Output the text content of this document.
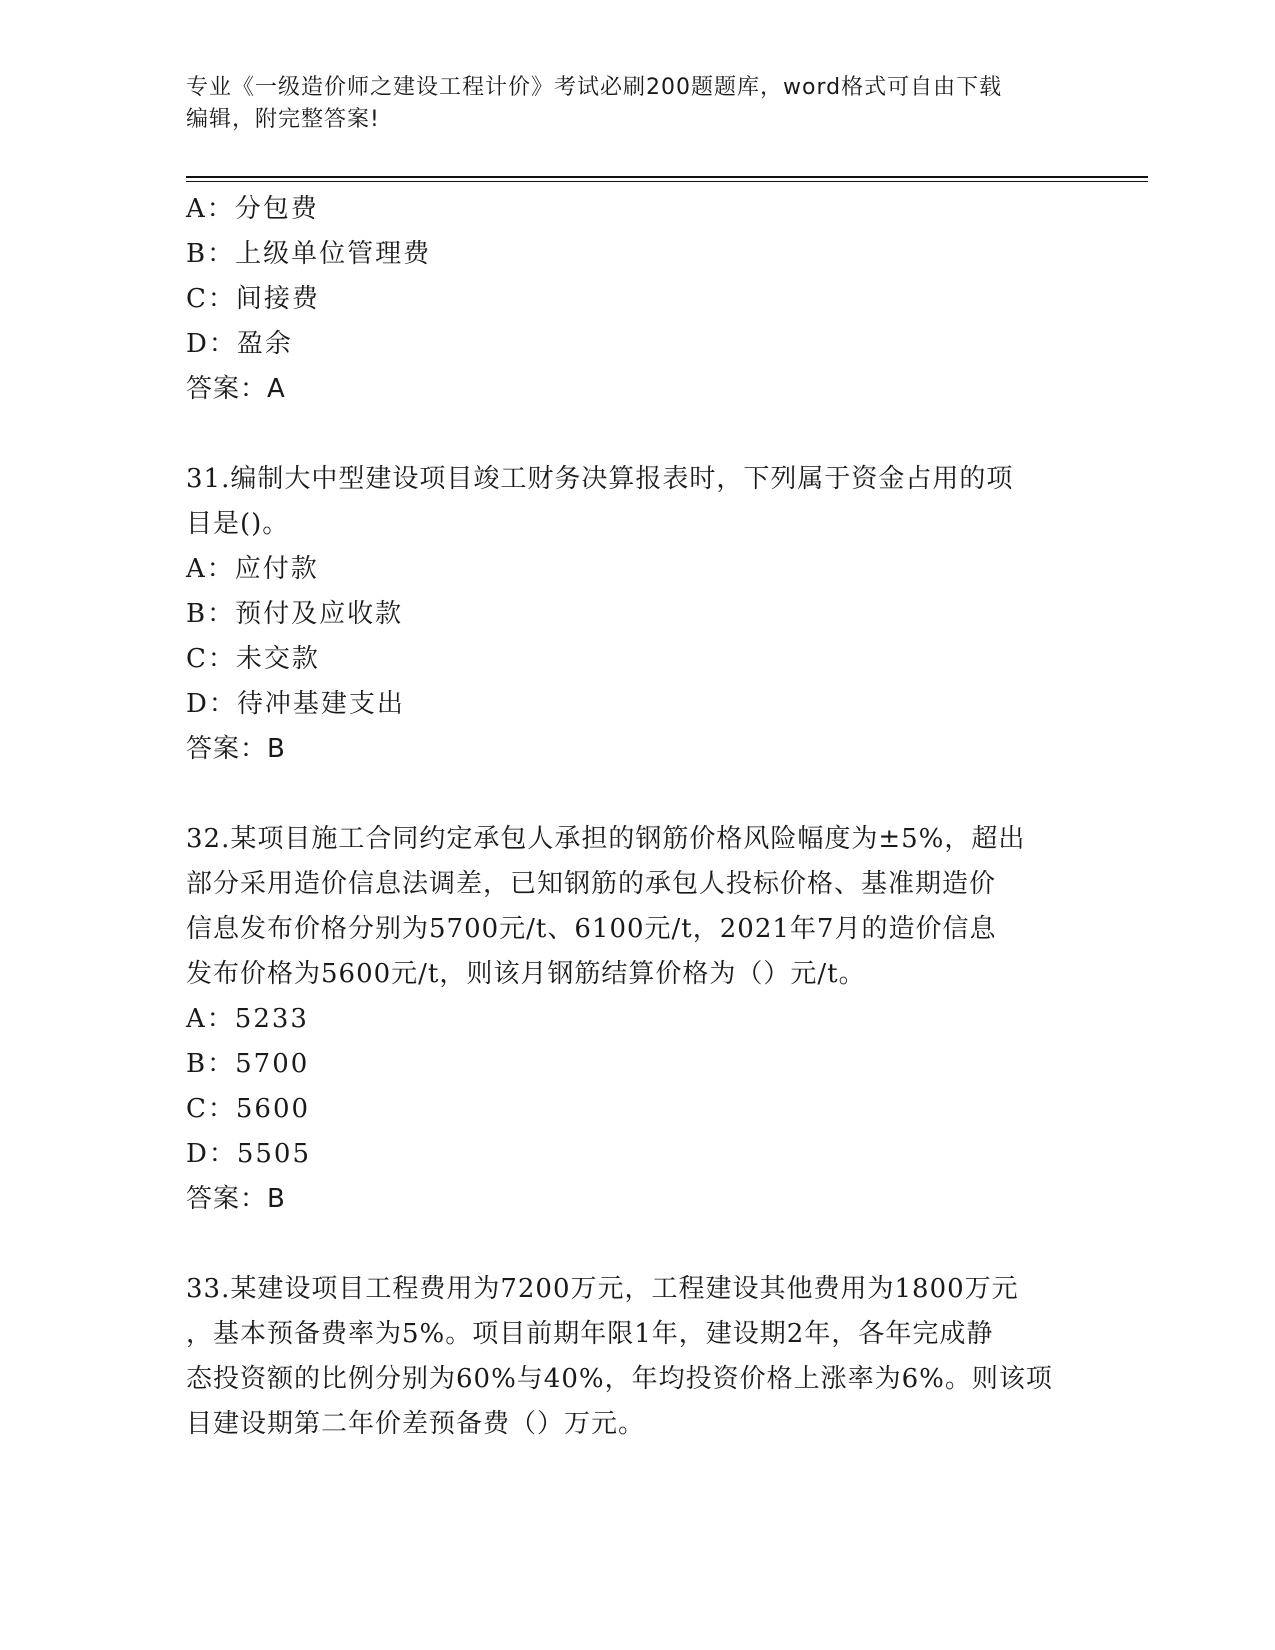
专业《一级造价师之建设工程计价》考试必刷200题题库，word格式可自由下载
编辑，附完整答案!
A：分包费
B：上级单位管理费
C：间接费
D：盈余
答案：A
31.编制大中型建设项目竣工财务决算报表时，下列属于资金占用的项
目是()。
A：应付款
B：预付及应收款
C：未交款
D：待冲基建支出
答案：B
32.某项目施工合同约定承包人承担的钢筋价格风险幅度为±5%，超出
部分采用造价信息法调差，已知钢筋的承包人投标价格、基准期造价
信息发布价格分别为5700元/t、6100元/t，2021年7月的造价信息
发布价格为5600元/t，则该月钢筋结算价格为（）元/t。
A：5233
B：5700
C：5600
D：5505
答案：B
33.某建设项目工程费用为7200万元，工程建设其他费用为1800万元
，基本预备费率为5%。项目前期年限1年，建设期2年，各年完成静
态投资额的比例分别为60%与40%，年均投资价格上涨率为6%。则该项
目建设期第二年价差预备费（）万元。
